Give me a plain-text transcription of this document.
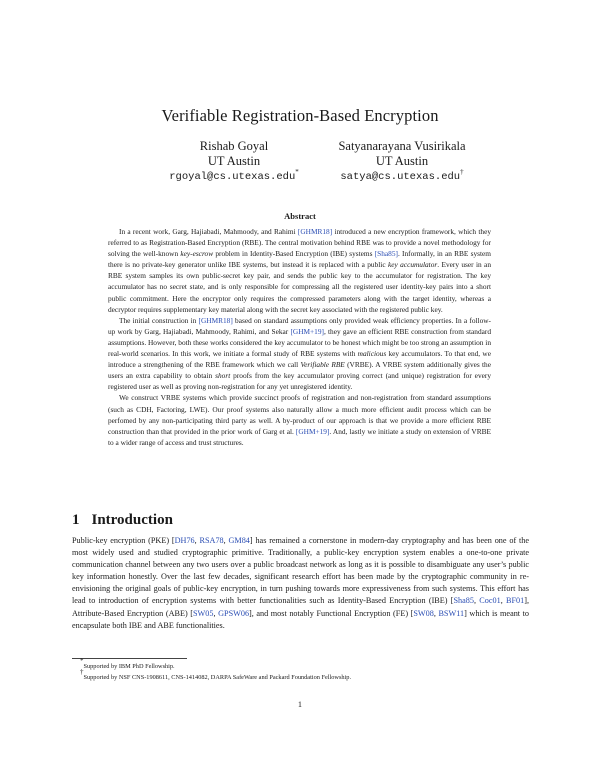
Verifiable Registration-Based Encryption
Rishab Goyal
UT Austin
rgoyal@cs.utexas.edu*
Satyanarayana Vusirikala
UT Austin
satya@cs.utexas.edu†
Abstract

In a recent work, Garg, Hajiabadi, Mahmoody, and Rahimi [GHMR18] introduced a new encryption framework, which they referred to as Registration-Based Encryption (RBE). The central motivation behind RBE was to provide a novel methodology for solving the well-known key-escrow problem in Identity-Based Encryption (IBE) systems [Sha85]. Informally, in an RBE system there is no private-key generator unlike IBE systems, but instead it is replaced with a public key accumulator. Every user in an RBE system samples its own public-secret key pair, and sends the public key to the accumulator for registration. The key accumulator has no secret state, and is only responsible for compressing all the registered user identity-key pairs into a short public commitment. Here the encryptor only requires the compressed parameters along with the target identity, whereas a decryptor requires supplementary key material along with the secret key associated with the registered public key.

The initial construction in [GHMR18] based on standard assumptions only provided weak efficiency properties. In a follow-up work by Garg, Hajiabadi, Mahmoody, Rahimi, and Sekar [GHM+19], they gave an efficient RBE construction from standard assumptions. However, both these works considered the key accumulator to be honest which might be too strong an assumption in real-world scenarios. In this work, we initiate a formal study of RBE systems with malicious key accumulators. To that end, we introduce a strengthening of the RBE framework which we call Verifiable RBE (VRBE). A VRBE system additionally gives the users an extra capability to obtain short proofs from the key accumulator proving correct (and unique) registration for every registered user as well as proving non-registration for any yet unregistered identity.

We construct VRBE systems which provide succinct proofs of registration and non-registration from standard assumptions (such as CDH, Factoring, LWE). Our proof systems also naturally allow a much more efficient audit process which can be perfomed by any non-participating third party as well. A by-product of our approach is that we provide a more efficient RBE construction than that provided in the prior work of Garg et al. [GHM+19]. And, lastly we initiate a study on extension of VRBE to a wider range of access and trust structures.

1 Introduction

Public-key encryption (PKE) [DH76, RSA78, GM84] has remained a cornerstone in modern-day cryptography and has been one of the most widely used and studied cryptographic primitive. Traditionally, a public-key encryption system enables a one-to-one private communication channel between any two users over a public broadcast network as long as it is possible to disambiguate any user’s public key information honestly. Over the last few decades, significant research effort has been made by the cryptographic community in re-envisioning the original goals of public-key encryption, in turn pushing towards more expressiveness from such systems. This effort has lead to introduction of encryption systems with better functionalities such as Identity-Based Encryption (IBE) [Sha85, Coc01, BF01], Attribute-Based Encryption (ABE) [SW05, GPSW06], and most notably Functional Encryption (FE) [SW08, BSW11] which is meant to encapsulate both IBE and ABE functionalities.

*Supported by IBM PhD Fellowship.
†Supported by NSF CNS-1908611, CNS-1414082, DARPA SafeWare and Packard Foundation Fellowship.
1
